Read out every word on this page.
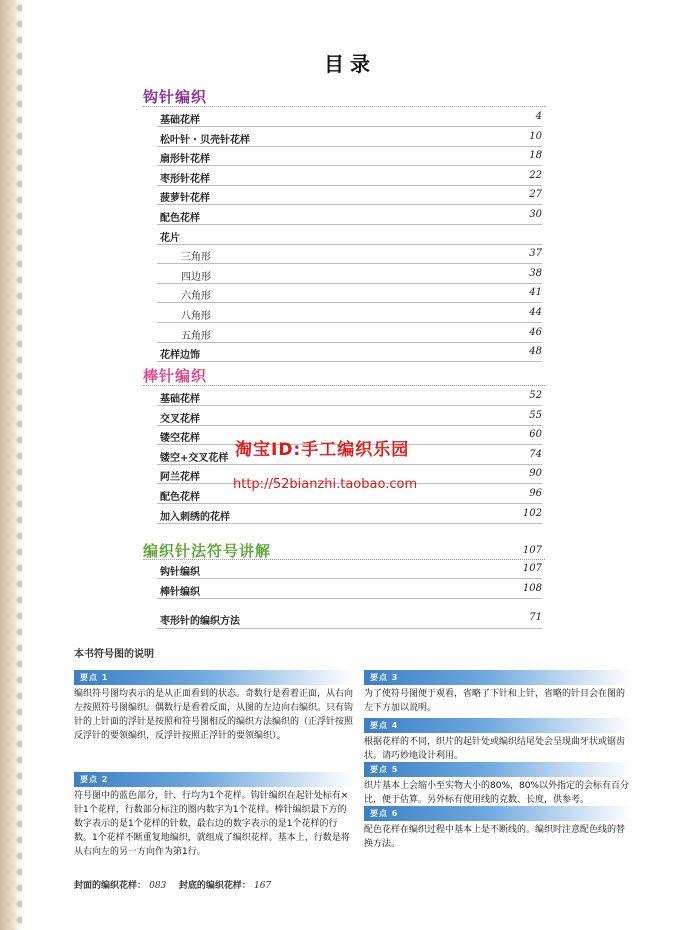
目录
钩针编织
基础花样	4
松叶针・贝壳针花样	10
扇形针花样	18
枣形针花样	22
菠萝针花样	27
配色花样	30
花片
三角形	37
四边形	38
六角形	41
八角形	44
五角形	46
花样边饰	48
棒针编织
基础花样	52
交叉花样	55
镂空花样	60
镂空+交叉花样	74
阿兰花样	90
配色花样	96
加入刺绣的花样	102
编织针法符号讲解	107
钩针编织	107
棒针编织	108
枣形针的编织方法	71
淘宝ID:手工编织乐园
http://52bianzhi.taobao.com
本书符号图的说明
要点 1
编织符号图均表示的是从正面看到的状态。奇数行是看着正面，从右向左按照符号图编织。偶数行是看着反面，从图的左边向右编织。只有钩针的上针面的浮针是按照和符号图相反的编织方法编织的（正浮针按照反浮针的要领编织，反浮针按照正浮针的要领编织）。
要点 2
符号图中的蓝色部分，针、行均为1个花样。钩针编织在起针处标有×针1个花样，行数部分标注的圈内数字为1个花样。棒针编织最下方的数字表示的是1个花样的针数，最右边的数字表示的是1个花样的行数。1个花样不断重复地编织，就组成了编织花样。基本上，行数是将从右向左的另一方向作为第1行。
要点 3
为了使符号图便于观看，省略了下针和上针，省略的针目会在图的左下方加以说明。
要点 4
根据花样的不同，织片的起针处或编织结尾处会呈现曲牙状或锯齿状。请巧妙地设计利用。
要点 5
织片基本上会缩小至实物大小的80%，80%以外指定的会标有百分比，便于估算。另外标有使用线的克数、长度，供参考。
要点 6
配色花样在编织过程中基本上是不断线的。编织时注意配色线的替换方法。
封面的编织花样： 083 封底的编织花样： 167
